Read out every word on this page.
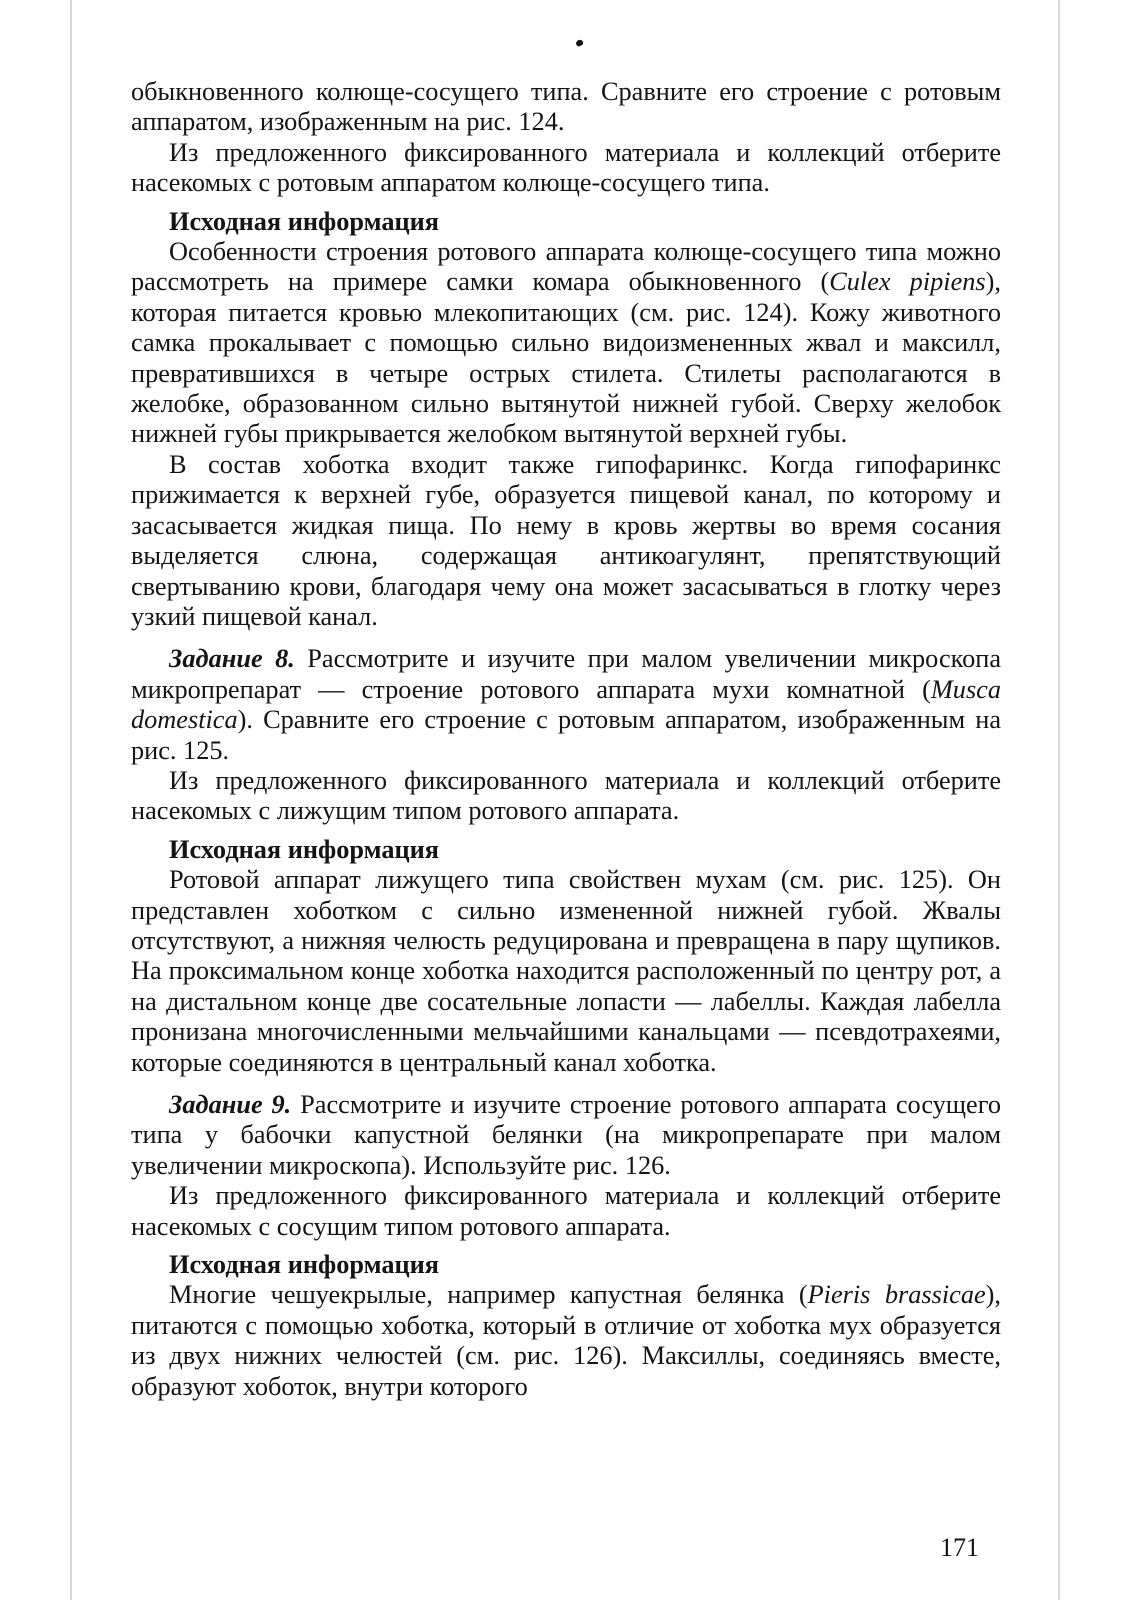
обыкновенного колюще-сосущего типа. Сравните его строение с ротовым аппаратом, изображенным на рис. 124.

Из предложенного фиксированного материала и коллекций отберите насекомых с ротовым аппаратом колюще-сосущего типа.

Исходная информация

Особенности строения ротового аппарата колюще-сосущего типа можно рассмотреть на примере самки комара обыкновенного (Culex pipiens), которая питается кровью млекопитающих (см. рис. 124). Кожу животного самка прокалывает с помощью сильно видоизмененных жвал и максилл, превратившихся в четыре острых стилета. Стилеты располагаются в желобке, образованном сильно вытянутой нижней губой. Сверху желобок нижней губы прикрывается желобком вытянутой верхней губы.

В состав хоботка входит также гипофаринкс. Когда гипофаринкс прижимается к верхней губе, образуется пищевой канал, по которому и засасывается жидкая пища. По нему в кровь жертвы во время сосания выделяется слюна, содержащая антикоагулянт, препятствующий свертыванию крови, благодаря чему она может засасываться в глотку через узкий пищевой канал.

Задание 8. Рассмотрите и изучите при малом увеличении микроскопа микропрепарат — строение ротового аппарата мухи комнатной (Musca domestica). Сравните его строение с ротовым аппаратом, изображенным на рис. 125.

Из предложенного фиксированного материала и коллекций отберите насекомых с лижущим типом ротового аппарата.

Исходная информация

Ротовой аппарат лижущего типа свойствен мухам (см. рис. 125). Он представлен хоботком с сильно измененной нижней губой. Жвалы отсутствуют, а нижняя челюсть редуцирована и превращена в пару щупиков. На проксимальном конце хоботка находится расположенный по центру рот, а на дистальном конце две сосательные лопасти — лабеллы. Каждая лабелла пронизана многочисленными мельчайшими канальцами — псевдотрахеями, которые соединяются в центральный канал хоботка.

Задание 9. Рассмотрите и изучите строение ротового аппарата сосущего типа у бабочки капустной белянки (на микропрепарате при малом увеличении микроскопа). Используйте рис. 126.

Из предложенного фиксированного материала и коллекций отберите насекомых с сосущим типом ротового аппарата.

Исходная информация

Многие чешуекрылые, например капустная белянка (Pieris brassicae), питаются с помощью хоботка, который в отличие от хоботка мух образуется из двух нижних челюстей (см. рис. 126). Максиллы, соединяясь вместе, образуют хоботок, внутри которого

171
